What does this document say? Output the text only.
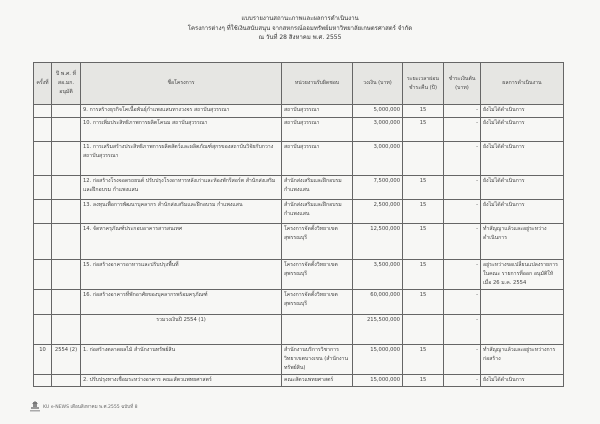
แบบรายงานสถานะภาพและผลการดำเนินงาน
โครงการต่างๆ ที่ใช้เงินสนับสนุน จากสหกรณ์ออมทรัพย์มหาวิทยาลัยเกษตรศาสตร์ จำกัด
ณ วันที่ 28 สิงหาคม พ.ศ. 2555
ครั้งที่	ปี พ.ศ. ที่ สอ.มก. อนุมัติ	ชื่อโครงการ	หน่วยงานรับผิดชอบ	วงเงิน (บาท)	ระยะเวลาผ่อนชำระคืน (ปี)	ชำระเงินต้น (บาท)	ผลการดำเนินงาน
		9. การสร้างธุรกิจโคเนื้อพันธุ์กำแพงแสนทางวงจร สถาบันสุวรรณา	สถาบันสุวรรณา	5,000,000	15	-	ยังไม่ได้ดำเนินการ
		10. การเพิ่มประสิทธิภาพการผลิตโคนม สถาบันสุวรรณา	สถาบันสุวรรณา	3,000,000	15	-	ยังไม่ได้ดำเนินการ
		11. การเสริมสร้างประสิทธิภาพการผลิตสัตว์และผลิตภัณฑ์สุกรของสถาบันวิจัยกับกวาง สถาบันสุวรรณา	สถาบันสุวรรณา	3,000,000		-	ยังไม่ได้ดำเนินการ
		12. ก่อสร้างโรงจอดรถยนต์ ปรับปรุงโรงอาหารหลังเก่าและห้องพักรีสอร์ต สำนักส่งเสริมและฝึกอบรม กำแพงแสน	สำนักส่งเสริมและฝึกอบรม กำแพงแสน	7,500,000	15	-	ยังไม่ได้ดำเนินการ
		13. ลงทุนเพื่อการพัฒนาบุคลากร สำนักส่งเสริมและฝึกอบรม กำแพงแสน	สำนักส่งเสริมและฝึกอบรม กำแพงแสน	2,500,000	15	-	ยังไม่ได้ดำเนินการ
		14. จัดหาครุภัณฑ์ประกอบอาคารสารสนเทศ	โครงการจัดตั้งวิทยาเขตสุพรรณบุรี	12,500,000	15	-	ทำสัญญาแล้วและอยู่ระหว่างดำเนินการ
		15. ก่อสร้างอาคารอาหารและปรับปรุงพื้นที่	โครงการจัดตั้งวิทยาเขตสุพรรณบุรี	3,500,000	15	-	อยู่ระหว่างขอเปลี่ยนแปลงรายการ ในคณะ รายการที่ออก อนุมัติให้เมื่อ 26 ม.ค. 2554
		16. ก่อสร้างอาคารที่พักอาศัยของบุคลากรพร้อมครุภัณฑ์	โครงการจัดตั้งวิทยาเขตสุพรรณบุรี	60,000,000	15	-	
		รวมวงเงินปี 2554 (1)		215,500,000		-	
10	2554 (2)	1. ก่อสร้างตลาดผลไม้ สำนักงานทรัพย์สิน	สำนักงานบริการวิชาการ วิทยาเขตบางเขน (สำนักงานทรัพย์สิน)	15,000,000	15	-	ทำสัญญาแล้วและอยู่ระหว่างการก่อสร้าง
		2. ปรับปรุงทางเชื่อมระหว่างอาคาร คณะสัตวแพทยศาสตร์	คณะสัตวแพทยศาสตร์	15,000,000	15	-	ยังไม่ได้ดำเนินการ
KU e-NEWS เดือนสิงหาคม พ.ศ.2555 ฉบับที่ 8
